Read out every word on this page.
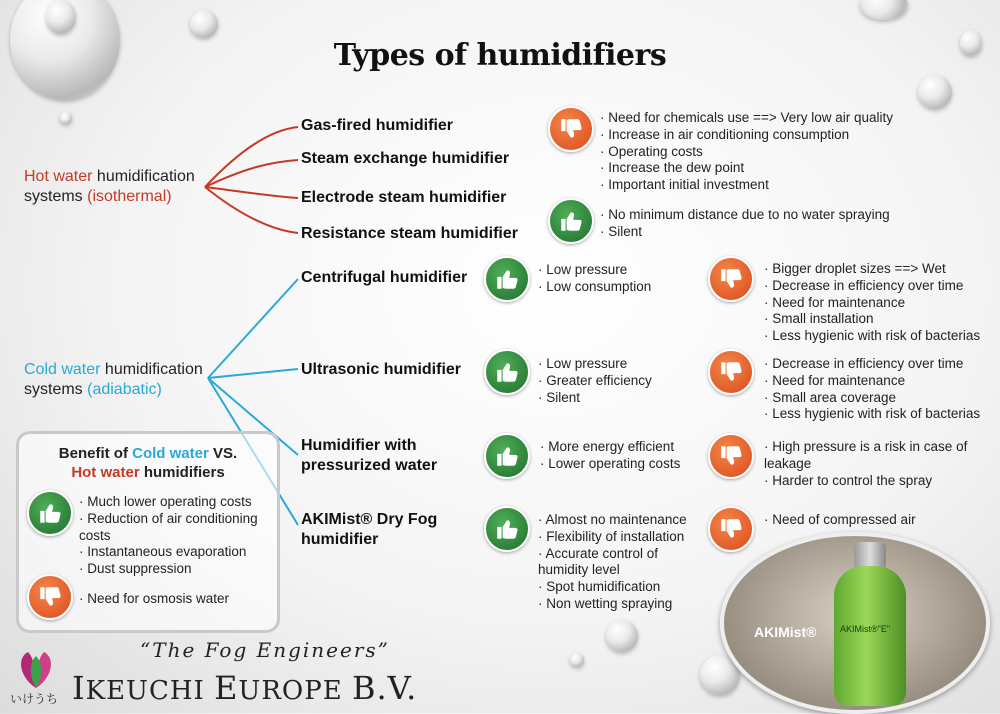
Types of humidifiers
Hot water humidification
systems (isothermal)
Gas-fired humidifier
Steam exchange humidifier
Electrode steam humidifier
Resistance steam humidifier
· Need for chemicals use ==> Very low air quality
· Increase in air conditioning consumption
· Operating costs
· Increase the dew point
· Important initial investment
· No minimum distance due to no water spraying
· Silent
Cold water humidification
systems (adiabatic)
Centrifugal humidifier	· Low pressure
· Low consumption
· Bigger droplet sizes ==> Wet
· Decrease in efficiency over time
· Need for maintenance
· Small installation
· Less hygienic with risk of bacterias
Ultrasonic humidifier	· Low pressure
· Greater efficiency
· Silent
· Decrease in efficiency over time
· Need for maintenance
· Small area coverage
· Less hygienic with risk of bacterias
Humidifier with
pressurized water
· More energy efficient
· Lower operating costs
· High pressure is a risk in case of
leakage
· Harder to control the spray
AKIMist® Dry Fog
humidifier
· Almost no maintenance
· Flexibility of installation
· Accurate control of
humidity level
· Spot humidification
· Non wetting spraying
· Need of compressed air
Benefit of Cold water VS.
Hot water humidifiers
· Much lower operating costs
· Reduction of air conditioning
costs
· Instantaneous evaporation
· Dust suppression
· Need for osmosis water
AKIMist®"E"
AKIMist®
いけうち
“The Fog Engineers”
IKEUCHI EUROPE B.V.
